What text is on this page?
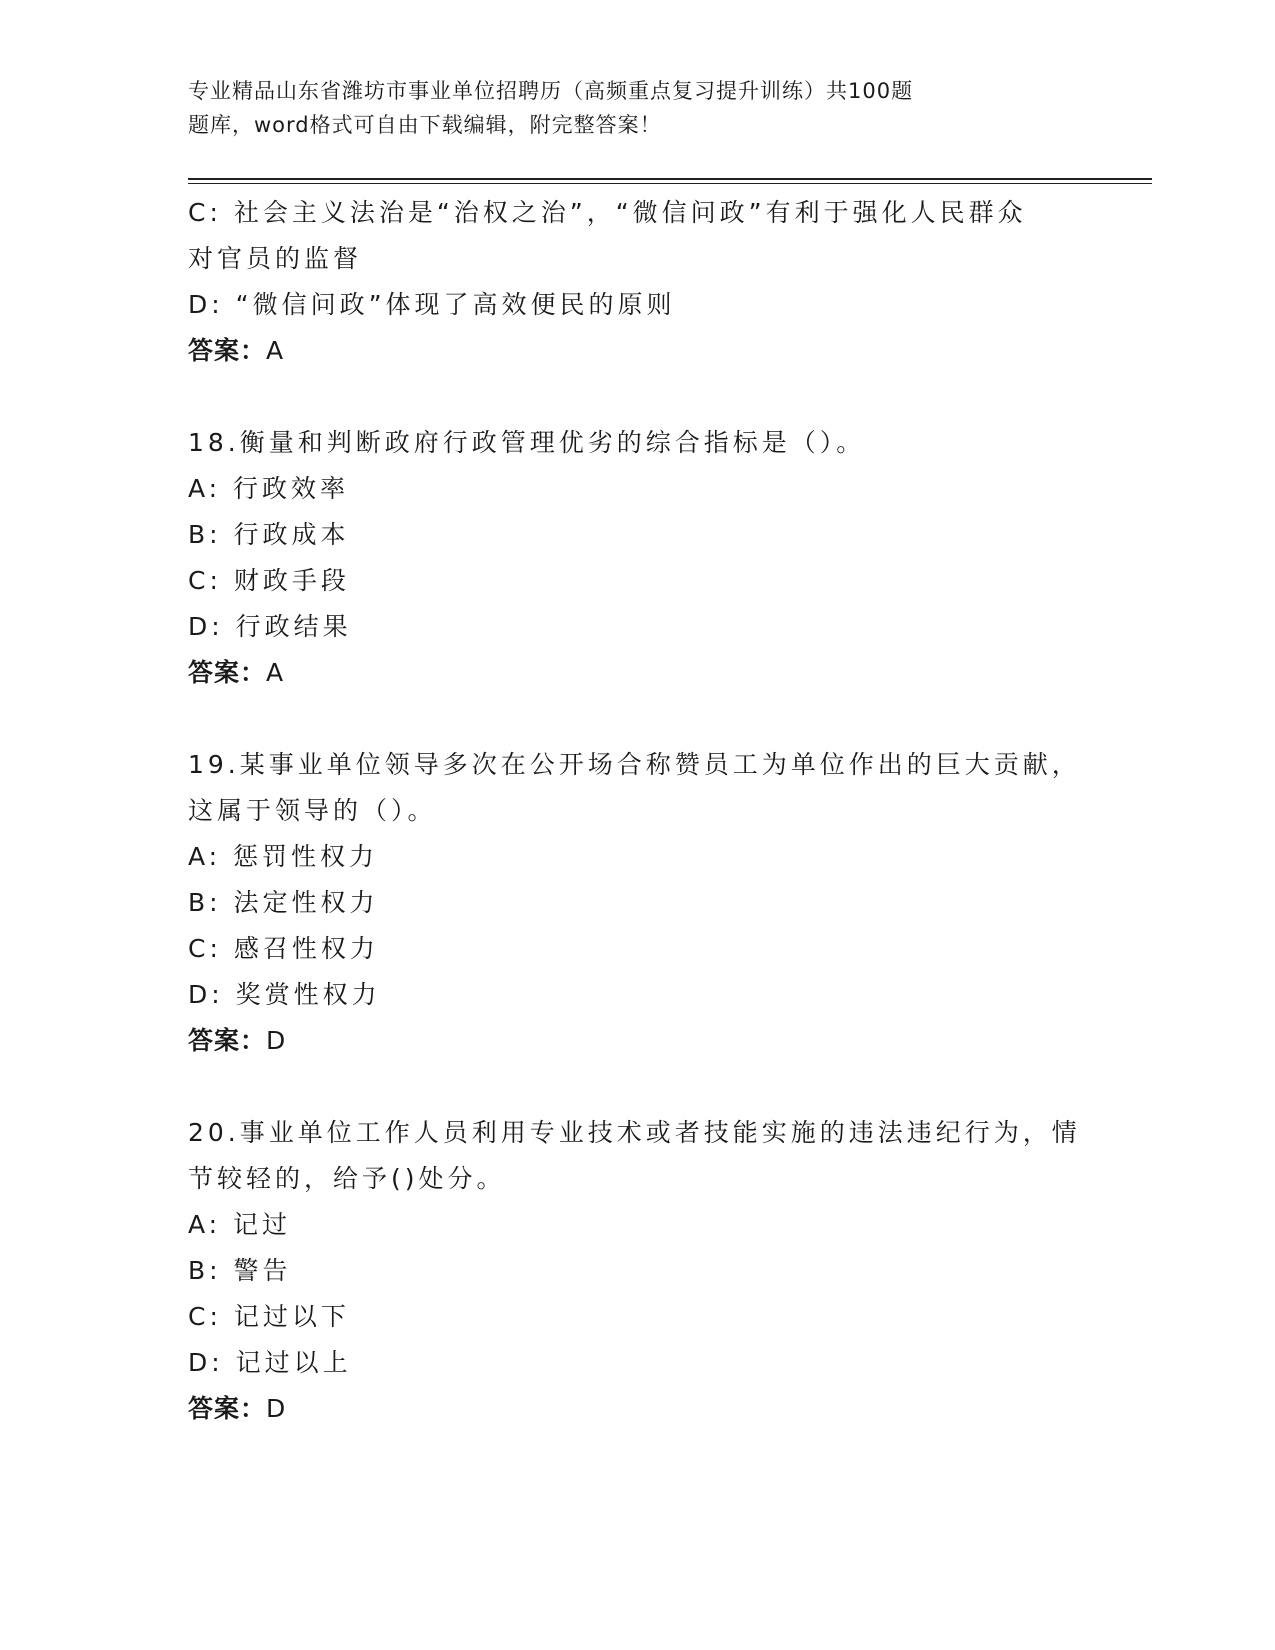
专业精品山东省潍坊市事业单位招聘历（高频重点复习提升训练）共100题
题库，word格式可自由下载编辑，附完整答案！
C: 社会主义法治是“治权之治”，“微信问政”有利于强化人民群众
对官员的监督
D: “微信问政”体现了高效便民的原则
答案：A
18.衡量和判断政府行政管理优劣的综合指标是（）。
A: 行政效率
B: 行政成本
C: 财政手段
D: 行政结果
答案：A
19.某事业单位领导多次在公开场合称赞员工为单位作出的巨大贡献，
这属于领导的（）。
A: 惩罚性权力
B: 法定性权力
C: 感召性权力
D: 奖赏性权力
答案：D
20.事业单位工作人员利用专业技术或者技能实施的违法违纪行为，情
节较轻的，给予()处分。
A: 记过
B: 警告
C: 记过以下
D: 记过以上
答案：D
